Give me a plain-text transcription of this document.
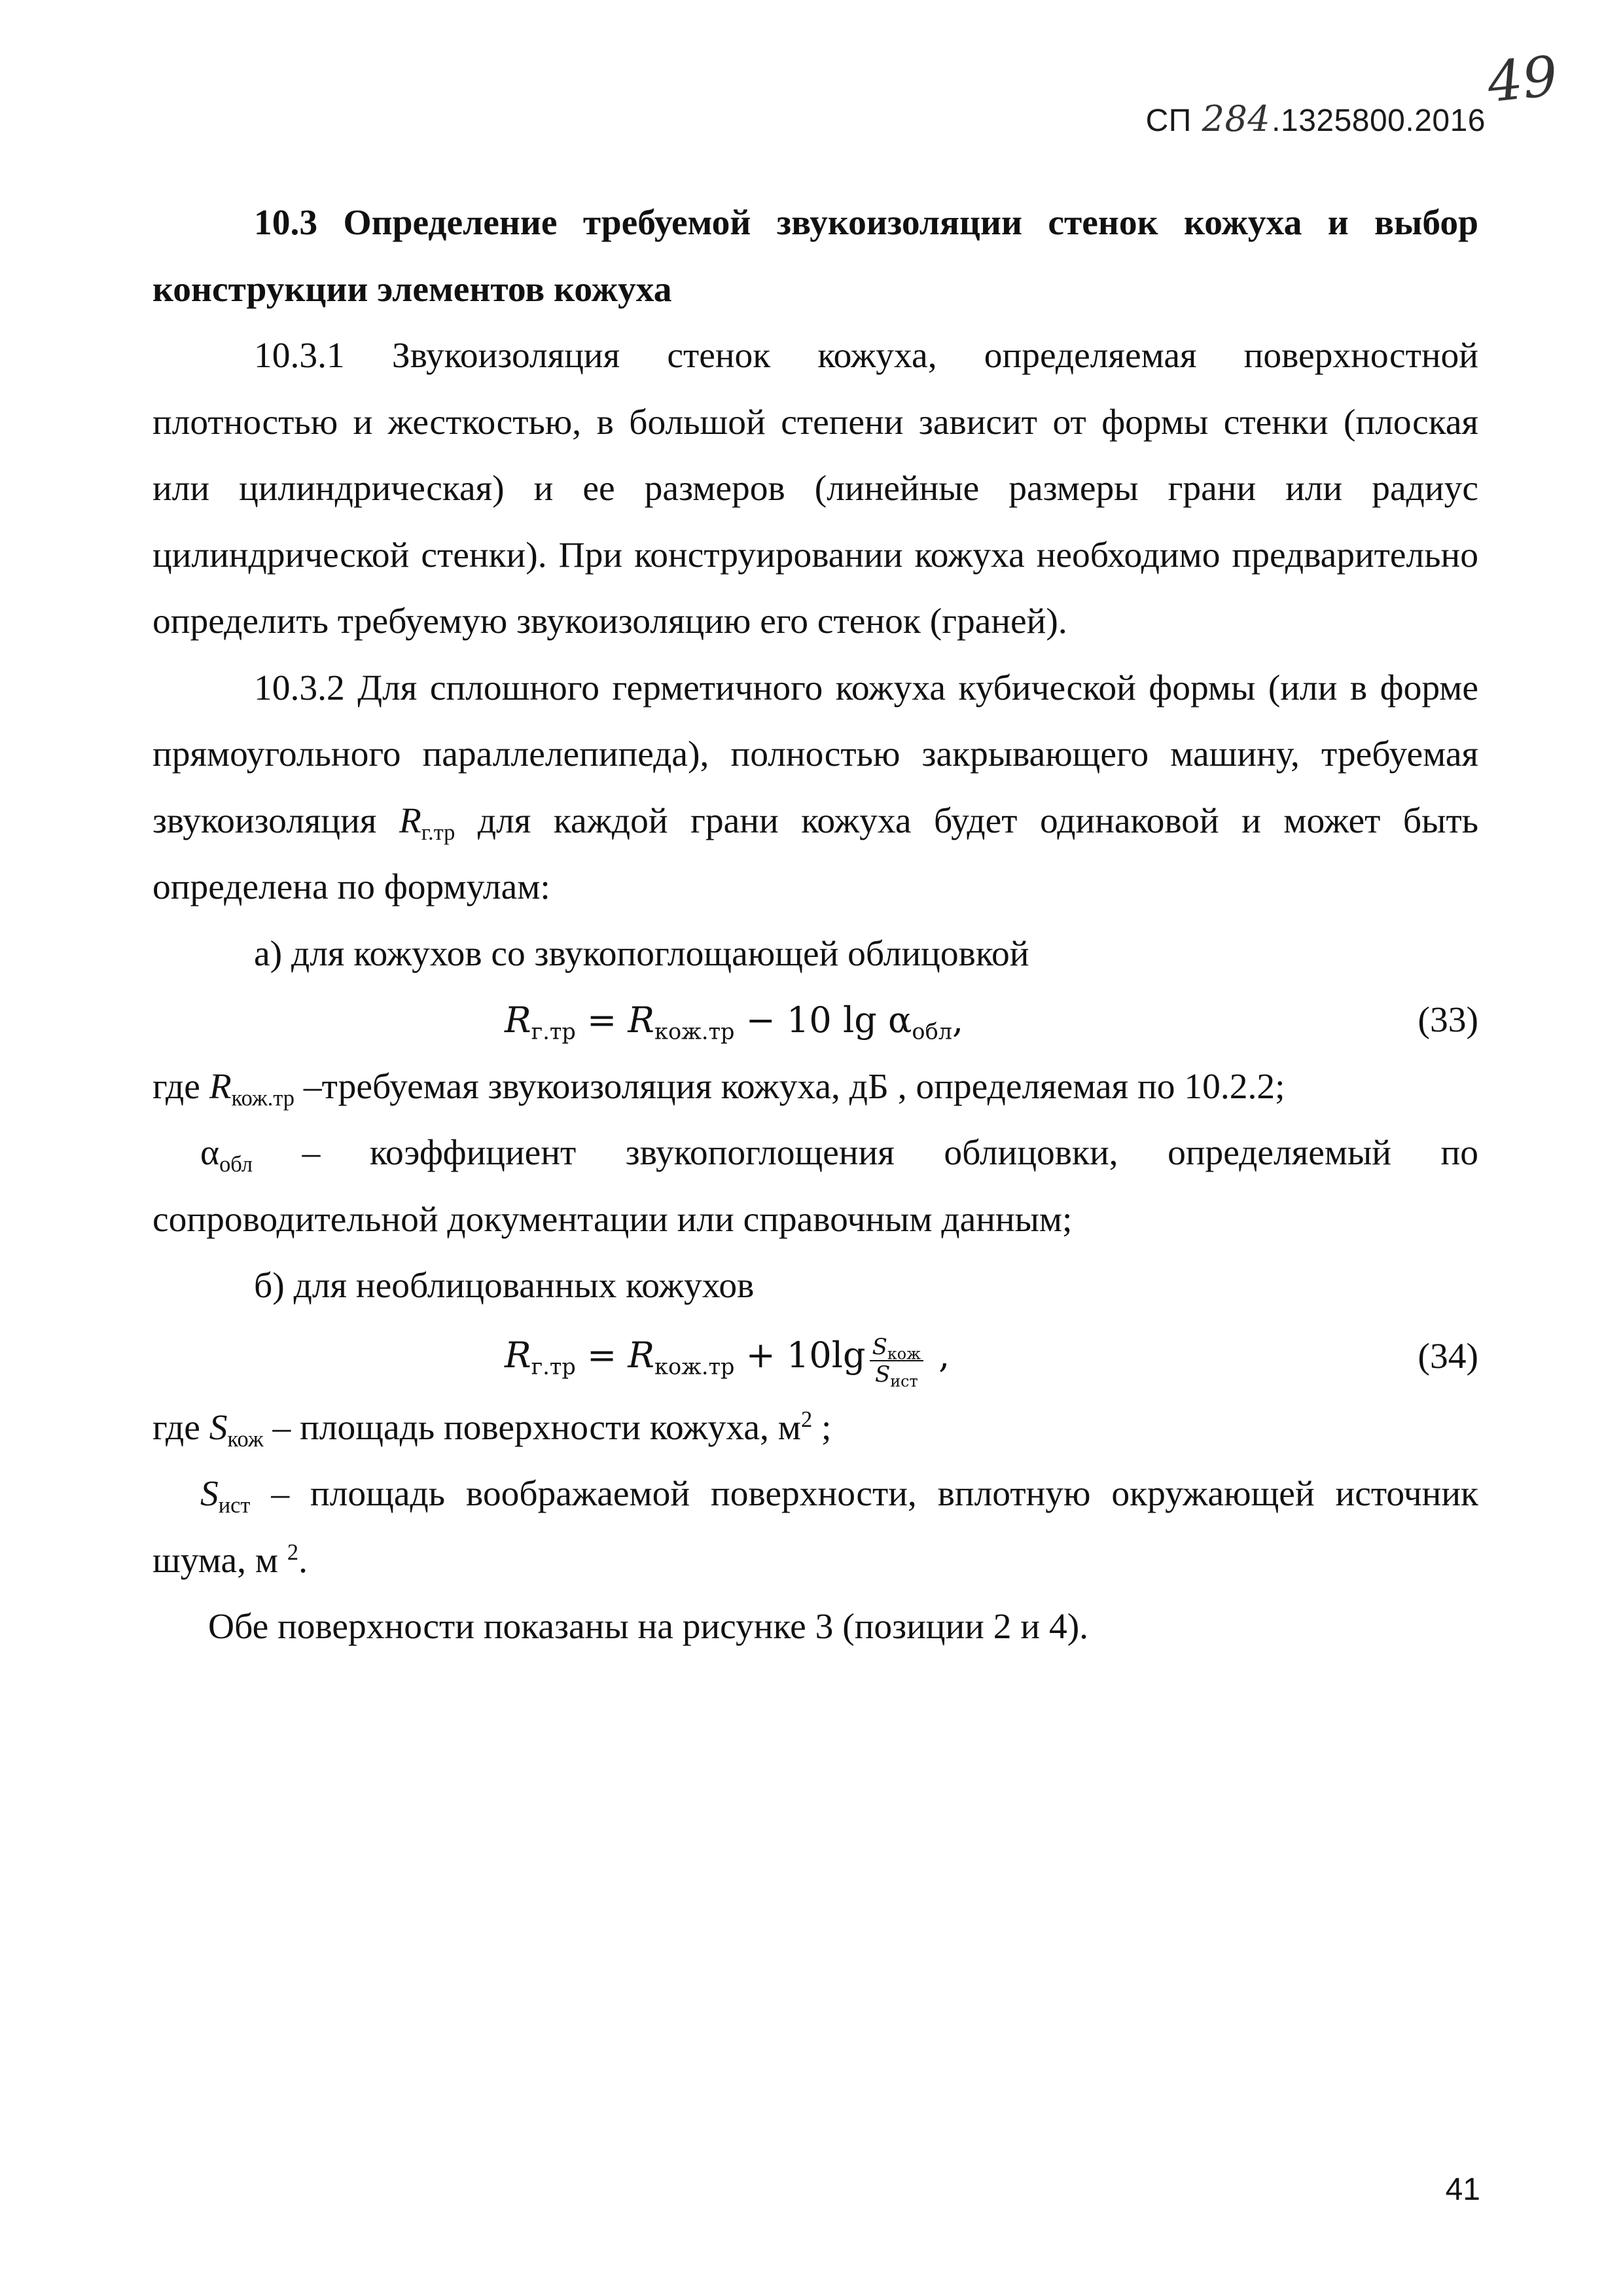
49
СП 284.1325800.2016

10.3 Определение требуемой звукоизоляции стенок кожуха и выбор конструкции элементов кожуха

10.3.1 Звукоизоляция стенок кожуха, определяемая поверхностной плотностью и жесткостью, в большой степени зависит от формы стенки (плоская или цилиндрическая) и ее размеров (линейные размеры грани или радиус цилиндрической стенки). При конструировании кожуха необходимо предварительно определить требуемую звукоизоляцию его стенок (граней).

10.3.2 Для сплошного герметичного кожуха кубической формы (или в форме прямоугольного параллелепипеда), полностью закрывающего машину, требуемая звукоизоляция $R_{г.тр}$ для каждой грани кожуха будет одинаковой и может быть определена по формулам:

а) для кожухов со звукопоглощающей облицовкой

$R_{г.тр} = R_{кож.тр} - 10$ $\lg \alpha_{обл}$,	(33)

где $R_{кож.тр}$ –требуемая звукоизоляция кожуха, дБ , определяемая по 10.2.2;

$\alpha_{обл}$ – коэффициент звукопоглощения облицовки, определяемый по сопроводительной документации или справочным данным;

б) для необлицованных кожухов

$R_{г.тр} = R_{кож.тр} + 10\lg \frac{S_{кож}}{S_{ист}}$ ,	(34)

где $S_{кож}$ – площадь поверхности кожуха, $м^2$ ;

$S_{ист}$ – площадь воображаемой поверхности, вплотную окружающей источник шума, м $^2$.

Обе поверхности показаны на рисунке 3 (позиции 2 и 4).

41
